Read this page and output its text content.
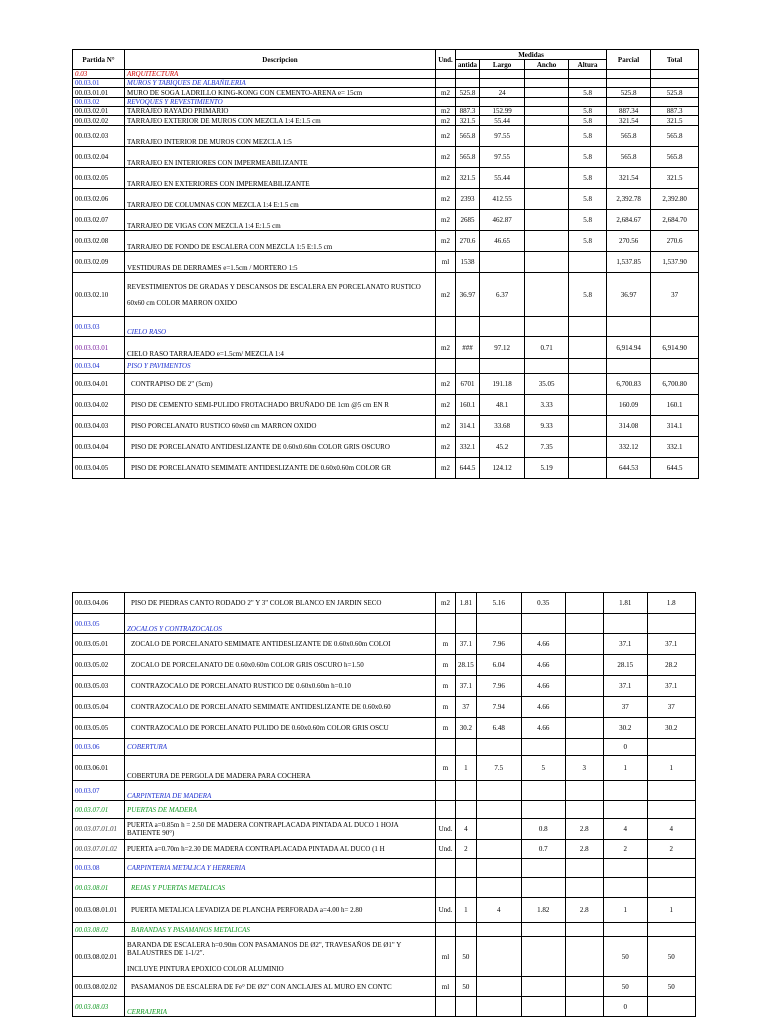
Partida N°	Descripcion	Und.	Medidas				Parcial	Total
			antida	Largo	Ancho	Altura		
0.03	ARQUITECTURA							
00.03.01	MUROS Y TABIQUES DE ALBAÑILERIA							
00.03.01.01	MURO DE SOGA LADRILLO KING-KONG CON CEMENTO-ARENA e= 15cm	m2	525.8	24		5.8	525.8	525.8
00.03.02	REVOQUES Y REVESTIMIENTO							
00.03.02.01	TARRAJEO RAYADO PRIMARIO	m2	887.3	152.99		5.8	887.34	887.3
00.03.02.02	TARRAJEO EXTERIOR DE MUROS CON MEZCLA 1:4 E:1.5 cm	m2	321.5	55.44		5.8	321.54	321.5
00.03.02.03	TARRAJEO INTERIOR DE MUROS CON MEZCLA 1:5	m2	565.8	97.55		5.8	565.8	565.8
00.03.02.04	TARRAJEO EN INTERIORES CON IMPERMEABILIZANTE	m2	565.8	97.55		5.8	565.8	565.8
00.03.02.05	TARRAJEO EN EXTERIORES CON IMPERMEABILIZANTE	m2	321.5	55.44		5.8	321.54	321.5
00.03.02.06	TARRAJEO DE COLUMNAS CON MEZCLA 1:4 E:1.5 cm	m2	2393	412.55		5.8	2,392.78	2,392.80
00.03.02.07	TARRAJEO DE VIGAS CON MEZCLA 1:4 E:1.5 cm	m2	2685	462.87		5.8	2,684.67	2,684.70
00.03.02.08	TARRAJEO DE FONDO DE ESCALERA CON MEZCLA 1:5 E:1.5 cm	m2	270.6	46.65		5.8	270.56	270.6
00.03.02.09	VESTIDURAS DE DERRAMES e=1.5cm / MORTERO 1:5	ml	1538				1,537.85	1,537.90
00.03.02.10	REVESTIMIENTOS DE GRADAS Y DESCANSOS DE ESCALERA EN PORCELANATO RUSTICO

60x60 cm COLOR MARRON OXIDO	m2	36.97	6.37		5.8	36.97	37
00.03.03	CIELO RASO							
00.03.03.01	CIELO RASO TARRAJEADO e=1.5cm/ MEZCLA 1:4	m2	###	97.12	0.71		6,914.94	6,914.90
00.03.04	PISO Y PAVIMENTOS							
00.03.04.01	CONTRAPISO DE 2" (5cm)	m2	6701	191.18	35.05		6,700.83	6,700.80
00.03.04.02	PISO DE CEMENTO SEMI-PULIDO FROTACHADO BRUÑADO DE 1cm @5 cm EN R	m2	160.1	48.1	3.33		160.09	160.1
00.03.04.03	PISO PORCELANATO RUSTICO 60x60 cm MARRON OXIDO	m2	314.1	33.68	9.33		314.08	314.1
00.03.04.04	PISO DE PORCELANATO ANTIDESLIZANTE DE 0.60x0.60m COLOR GRIS OSCURO	m2	332.1	45.2	7.35		332.12	332.1
00.03.04.05	PISO DE PORCELANATO SEMIMATE ANTIDESLIZANTE DE 0.60x0.60m COLOR GR	m2	644.5	124.12	5.19		644.53	644.5
00.03.04.06	PISO DE PIEDRAS CANTO RODADO 2" Y 3" COLOR BLANCO EN JARDIN SECO	m2	1.81	5.16	0.35		1.81	1.8
00.03.05	ZOCALOS Y CONTRAZOCALOS							
00.03.05.01	ZOCALO DE PORCELANATO SEMIMATE ANTIDESLIZANTE DE 0.60x0.60m COLOI	m	37.1	7.96	4.66		37.1	37.1
00.03.05.02	ZOCALO DE PORCELANATO DE 0.60x0.60m COLOR GRIS OSCURO h=1.50	m	28.15	6.04	4.66		28.15	28.2
00.03.05.03	CONTRAZOCALO DE PORCELANATO RUSTICO DE 0.60x0.60m h=0.10	m	37.1	7.96	4.66		37.1	37.1
00.03.05.04	CONTRAZOCALO DE PORCELANATO SEMIMATE ANTIDESLIZANTE DE 0.60x0.60	m	37	7.94	4.66		37	37
00.03.05.05	CONTRAZOCALO DE PORCELANATO PULIDO DE 0.60x0.60m COLOR GRIS OSCU	m	30.2	6.48	4.66		30.2	30.2
00.03.06	COBERTURA						0	
00.03.06.01	COBERTURA DE PERGOLA DE MADERA PARA COCHERA	m	1	7.5	5	3	1	1
00.03.07	CARPINTERIA DE MADERA							
00.03.07.01	PUERTAS DE MADERA							
00.03.07.01.01	PUERTA a=0.85m h = 2.50 DE MADERA CONTRAPLACADA PINTADA AL DUCO 1 HOJA BATIENTE 90°)	Und.	4		0.8	2.8	4	4
00.03.07.01.02	PUERTA a=0.70m h=2.30 DE MADERA CONTRAPLACADA PINTADA AL DUCO (1 H	Und.	2		0.7	2.8	2	2
00.03.08	CARPINTERIA METALICA Y HERRERIA							
00.03.08.01	REJAS Y PUERTAS METALICAS							
00.03.08.01.01	PUERTA METALICA LEVADIZA DE PLANCHA PERFORADA a=4.00 h= 2.80	Und.	1	4	1.82	2.8	1	1
00.03.08.02	BARANDAS Y PASAMANOS METALICAS							
00.03.08.02.01	BARANDA DE ESCALERA h=0.90m CON PASAMANOS DE Ø2", TRAVESAÑOS DE Ø1" Y BALAUSTRES DE 1-1/2".

INCLUYE PINTURA EPOXICO COLOR ALUMINIO	ml	50				50	50
00.03.08.02.02	PASAMANOS DE ESCALERA DE Fe° DE Ø2" CON ANCLAJES AL MURO EN CONTC	ml	50				50	50
00.03.08.03	CERRAJERIA						0	
